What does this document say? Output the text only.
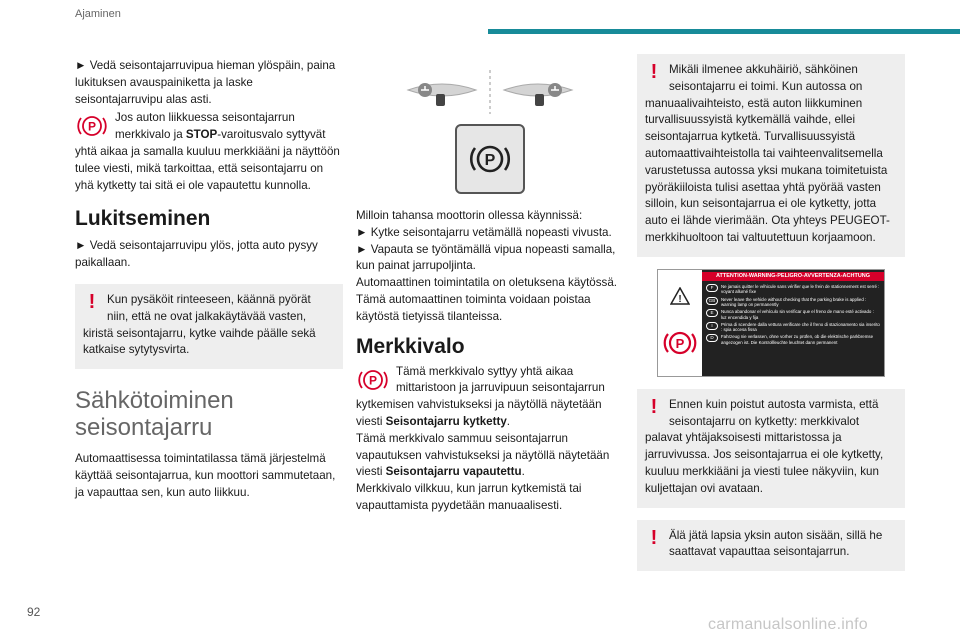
Ajaminen

► Vedä seisontajarruvipua hieman ylöspäin, paina lukituksen avauspainiketta ja laske seisontajarruvipu alas asti.

P
Jos auton liikkuessa seisontajarrun merkkivalo ja STOP-varoitusvalo syttyvät yhtä aikaa ja samalla kuuluu merkkiääni ja näyttöön tulee viesti, mikä tarkoittaa, että seisontajarru on yhä kytketty tai sitä ei ole vapautettu kunnolla.
Lukitseminen

► Vedä seisontajarruvipu ylös, jotta auto pysyy paikallaan.

!	Kun pysäköit rinteeseen, käännä pyörät niin, että ne ovat jalkakäytävää vasten, kiristä seisontajarru, kytke vaihde päälle sekä katkaise sytytysvirta.
Sähkötoiminen seisontajarru

Automaattisessa toimintatilassa tämä järjestelmä käyttää seisontajarrua, kun moottori sammutetaan, ja vapauttaa sen, kun auto liikkuu.

P

Milloin tahansa moottorin ollessa käynnissä:

► Kytke seisontajarru vetämällä nopeasti vivusta.

► Vapauta se työntämällä vipua nopeasti samalla, kun painat jarrupoljinta.

Automaattinen toimintatila on oletuksena käytössä.

Tämä automaattinen toiminta voidaan poistaa käytöstä tietyissä tilanteissa.

Merkkivalo
P
Tämä merkkivalo syttyy yhtä aikaa mittaristoon ja jarruvipuun seisontajarrun kytkemisen vahvistukseksi ja näytöllä näytetään viesti Seisontajarru kytketty.

Tämä merkkivalo sammuu seisontajarrun vapautuksen vahvistukseksi ja näytöllä näytetään viesti Seisontajarru vapautettu.

Merkkivalo vilkkuu, kun jarrun kytkemistä tai vapauttamista pyydetään manuaalisesti.

!	Mikäli ilmenee akkuhäiriö, sähköinen seisontajarru ei toimi. Kun autossa on manuaalivaihteisto, estä auton liikkuminen turvallisuussyistä kytkemällä vaihde, ellei seisontajarrua kytketä. Turvallisuussyistä automaattivaihteistolla tai vaihteenvalitsemella varustetussa autossa yksi mukana toimitetuista pyöräkiiloista tulisi asettaa yhtä pyörää vasten silloin, kun seisontajarrua ei ole kytketty, jotta auto ei lähde vierimään. Ota yhteys PEUGEOT-merkkihuoltoon tai valtuutettuun korjaamoon.
!
P
ATTENTION-WARNING-PELIGRO-AVVERTENZA-ACHTUNG
F	Ne jamais quitter le véhicule sans vérifier que le frein de stationnement est serré : voyant allumé fixe
GB	Never leave the vehicle without checking that the parking brake is applied : warning lamp on permanently
E	Nunca abandonar el vehículo sin verificar que el freno de mano esté activado : luz encendida y fija
I	Prima di scendere dalla vettura verificare che il freno di stazionamento sia inserito : spia accesa fissa
D	Fahrzeug nie verlassen, ohne vorher zu prüfen, ob die elektrische parkbremse angezogen ist. Die Kontrollleuchte leuchtet dann permanent
!	Ennen kuin poistut autosta varmista, että seisontajarru on kytketty: merkkivalot palavat yhtäjaksoisesti mittaristossa ja jarruvivussa. Jos seisontajarrua ei ole kytketty, kuuluu merkkiääni ja viesti tulee näkyviin, kun kuljettajan ovi avataan.
!	Älä jätä lapsia yksin auton sisään, sillä he saattavat vapauttaa seisontajarrun.
92
carmanualsonline.info
